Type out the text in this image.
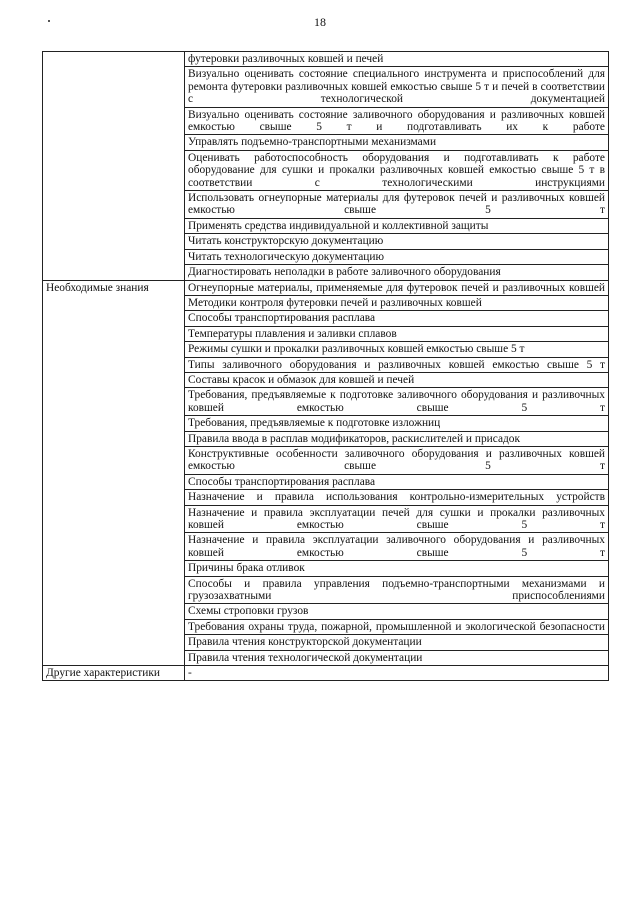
18
	футеровки разливочных ковшей и печей
	Визуально оценивать состояние специального инструмента и приспособлений для ремонта футеровки разливочных ковшей емкостью свыше 5 т и печей в соответствии с технологической документацией
	Визуально оценивать состояние заливочного оборудования и разливочных ковшей емкостью свыше 5 т и подготавливать их к работе
	Управлять подъемно-транспортными механизмами
	Оценивать работоспособность оборудования и подготавливать к работе оборудование для сушки и прокалки разливочных ковшей емкостью свыше 5 т в соответствии с технологическими инструкциями
	Использовать огнеупорные материалы для футеровок печей и разливочных ковшей емкостью свыше 5 т
	Применять средства индивидуальной и коллективной защиты
	Читать конструкторскую документацию
	Читать технологическую документацию
	Диагностировать неполадки в работе заливочного оборудования
Необходимые знания	Огнеупорные материалы, применяемые для футеровок печей и разливочных ковшей
	Методики контроля футеровки печей и разливочных ковшей
	Способы транспортирования расплава
	Температуры плавления и заливки сплавов
	Режимы сушки и прокалки разливочных ковшей емкостью свыше 5 т
	Типы заливочного оборудования и разливочных ковшей емкостью свыше 5 т
	Составы красок и обмазок для ковшей и печей
	Требования, предъявляемые к подготовке заливочного оборудования и разливочных ковшей емкостью свыше 5 т
	Требования, предъявляемые к подготовке изложниц
	Правила ввода в расплав модификаторов, раскислителей и присадок
	Конструктивные особенности заливочного оборудования и разливочных ковшей емкостью свыше 5 т
	Способы транспортирования расплава
	Назначение и правила использования контрольно-измерительных устройств
	Назначение и правила эксплуатации печей для сушки и прокалки разливочных ковшей емкостью свыше 5 т
	Назначение и правила эксплуатации заливочного оборудования и разливочных ковшей емкостью свыше 5 т
	Причины брака отливок
	Способы и правила управления подъемно-транспортными механизмами и грузозахватными приспособлениями
	Схемы строповки грузов
	Требования охраны труда, пожарной, промышленной и экологической безопасности
	Правила чтения конструкторской документации
	Правила чтения технологической документации
Другие характеристики	-
